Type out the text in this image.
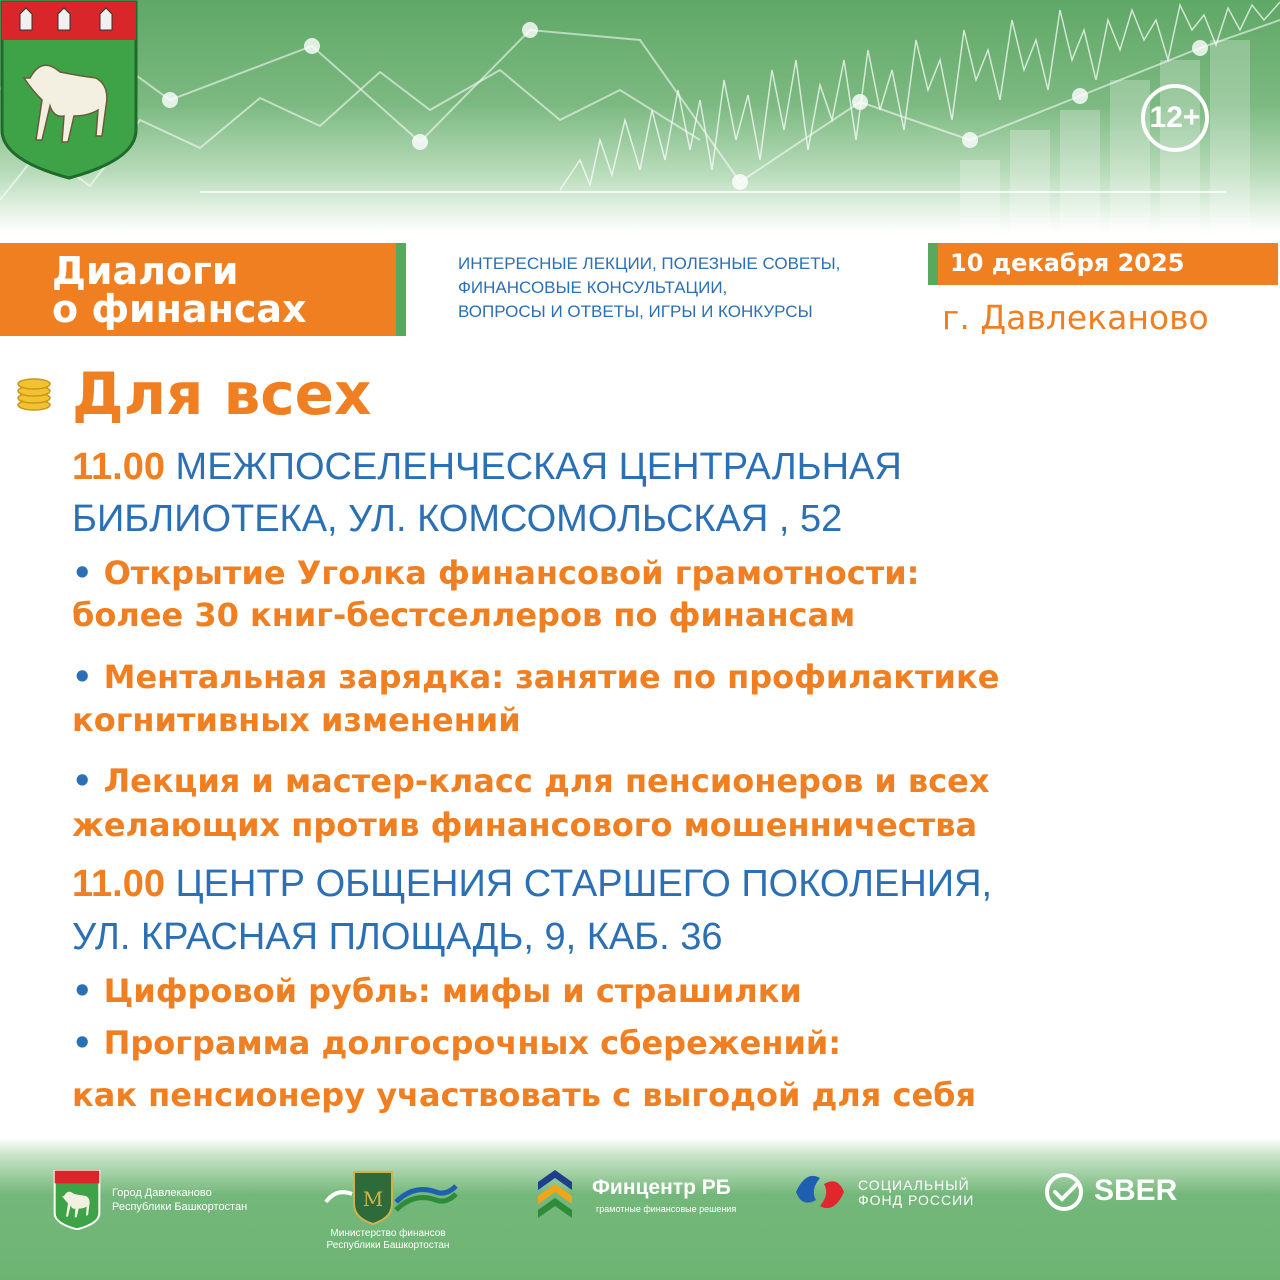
12+
Диалоги
о финансах
ИНТЕРЕСНЫЕ ЛЕКЦИИ, ПОЛЕЗНЫЕ СОВЕТЫ,
ФИНАНСОВЫЕ КОНСУЛЬТАЦИИ,
ВОПРОСЫ И ОТВЕТЫ, ИГРЫ И КОНКУРСЫ
10 декабря 2025
г. Давлеканово
Для всех
11.00 МЕЖПОСЕЛЕНЧЕСКАЯ ЦЕНТРАЛЬНАЯ
БИБЛИОТЕКА, УЛ. КОМСОМОЛЬСКАЯ , 52
• Открытие Уголка финансовой грамотности:
более 30 книг-бестселлеров по финансам
• Ментальная зарядка: занятие по профилактике
когнитивных изменений
• Лекция и мастер-класс для пенсионеров и всех
желающих против финансового мошенничества
11.00 ЦЕНТР ОБЩЕНИЯ СТАРШЕГО ПОКОЛЕНИЯ,
УЛ. КРАСНАЯ ПЛОЩАДЬ, 9, КАБ. 36
• Цифровой рубль: мифы и страшилки
• Программа долгосрочных сбережений:
как пенсионеру участвовать с выгодой для себя
Город Давлеканово
Республики Башкортостан	М
Министерство финансов
Республики Башкортостан
Финцентр РБ
грамотные финансовые решения
СОЦИАЛЬНЫЙ
ФОНД РОССИИ	SBER
